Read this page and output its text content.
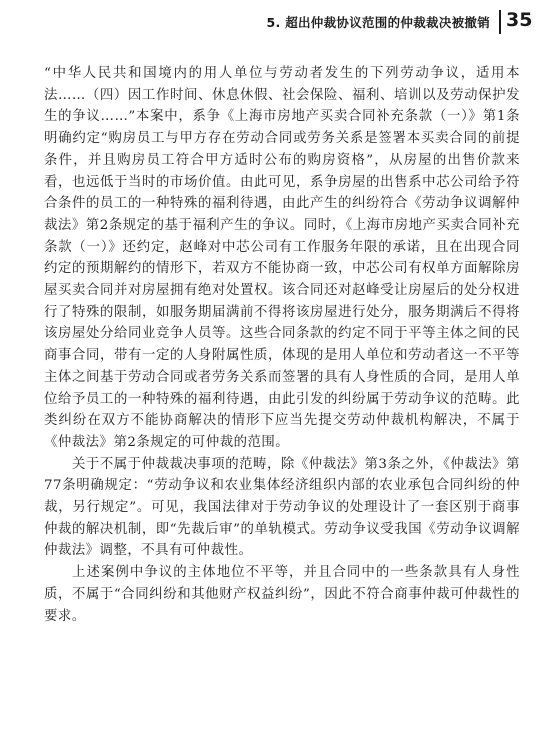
5. 超出仲裁协议范围的仲裁裁决被撤销 35

“中华人民共和国境内的用人单位与劳动者发生的下列劳动争议，适用本法……（四）因工作时间、休息休假、社会保险、福利、培训以及劳动保护发生的争议……”本案中，系争《上海市房地产买卖合同补充条款（一）》第1条明确约定“购房员工与甲方存在劳动合同或劳务关系是签署本买卖合同的前提条件，并且购房员工符合甲方适时公布的购房资格”，从房屋的出售价款来看，也远低于当时的市场价值。由此可见，系争房屋的出售系中芯公司给予符合条件的员工的一种特殊的福利待遇，由此产生的纠纷符合《劳动争议调解仲裁法》第2条规定的基于福利产生的争议。同时，《上海市房地产买卖合同补充条款（一）》还约定，赵峰对中芯公司有工作服务年限的承诺，且在出现合同约定的预期解约的情形下，若双方不能协商一致，中芯公司有权单方面解除房屋买卖合同并对房屋拥有绝对处置权。该合同还对赵峰受让房屋后的处分权进行了特殊的限制，如服务期届满前不得将该房屋进行处分，服务期满后不得将该房屋处分给同业竞争人员等。这些合同条款的约定不同于平等主体之间的民商事合同，带有一定的人身附属性质，体现的是用人单位和劳动者这一不平等主体之间基于劳动合同或者劳务关系而签署的具有人身性质的合同，是用人单位给予员工的一种特殊的福利待遇，由此引发的纠纷属于劳动争议的范畴。此类纠纷在双方不能协商解决的情形下应当先提交劳动仲裁机构解决，不属于《仲裁法》第2条规定的可仲裁的范围。

关于不属于仲裁裁决事项的范畴，除《仲裁法》第3条之外，《仲裁法》第77条明确规定：“劳动争议和农业集体经济组织内部的农业承包合同纠纷的仲裁，另行规定”。可见，我国法律对于劳动争议的处理设计了一套区别于商事仲裁的解决机制，即“先裁后审”的单轨模式。劳动争议受我国《劳动争议调解仲裁法》调整，不具有可仲裁性。

上述案例中争议的主体地位不平等，并且合同中的一些条款具有人身性质，不属于“合同纠纷和其他财产权益纠纷”，因此不符合商事仲裁可仲裁性的要求。
